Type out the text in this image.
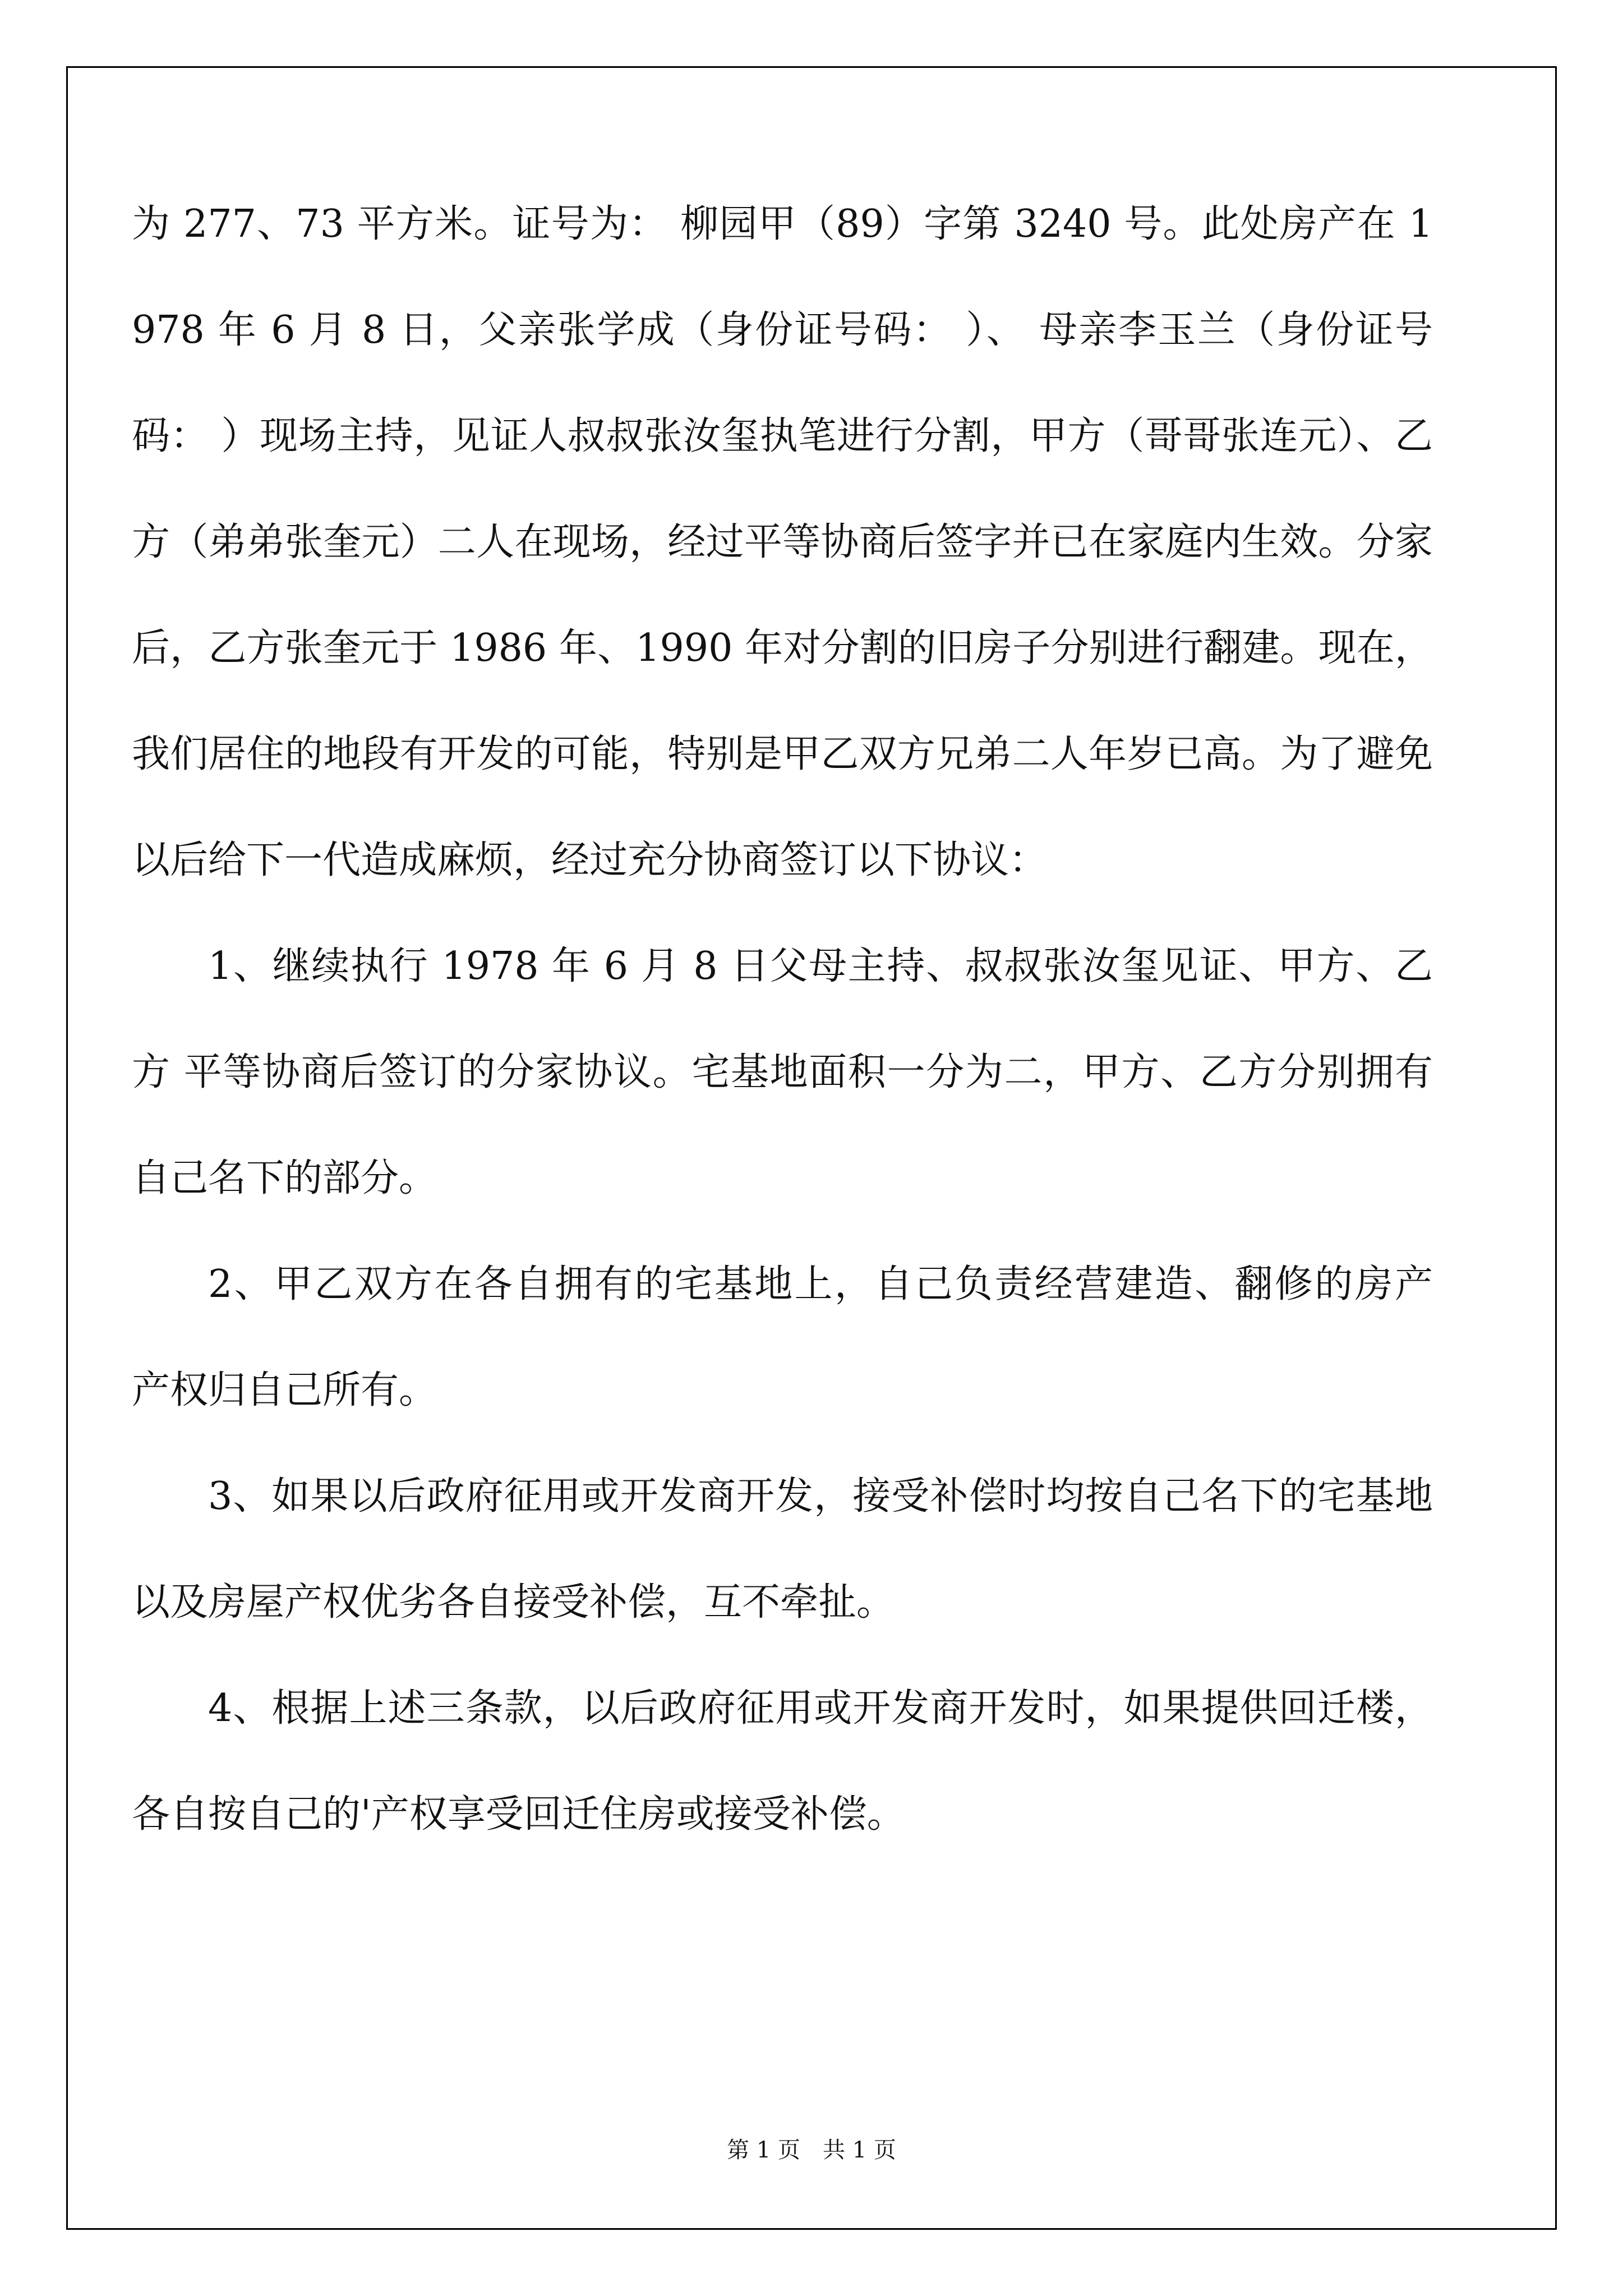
为 277、73 平方米。证号为： 柳园甲（89）字第 3240 号。此处房产在 1978 年 6 月 8 日，父亲张学成（身份证号码： ）、 母亲李玉兰（身份证号码： ）现场主持，见证人叔叔张汝玺执笔进行分割，甲方（哥哥张连元）、乙方（弟弟张奎元）二人在现场，经过平等协商后签字并已在家庭内生效。分家后，乙方张奎元于 1986 年、1990 年对分割的旧房子分别进行翻建。现在，我们居住的地段有开发的可能，特别是甲乙双方兄弟二人年岁已高。为了避免以后给下一代造成麻烦，经过充分协商签订以下协议：

1、继续执行 1978 年 6 月 8 日父母主持、叔叔张汝玺见证、甲方、乙方 平等协商后签订的分家协议。宅基地面积一分为二，甲方、乙方分别拥有自己名下的部分。

2、甲乙双方在各自拥有的宅基地上，自己负责经营建造、翻修的房产　产权归自己所有。

3、如果以后政府征用或开发商开发，接受补偿时均按自己名下的宅基地以及房屋产权优劣各自接受补偿，互不牵扯。

4、根据上述三条款，以后政府征用或开发商开发时，如果提供回迁楼，各自按自己的'产权享受回迁住房或接受补偿。

第 1 页　共 1 页
